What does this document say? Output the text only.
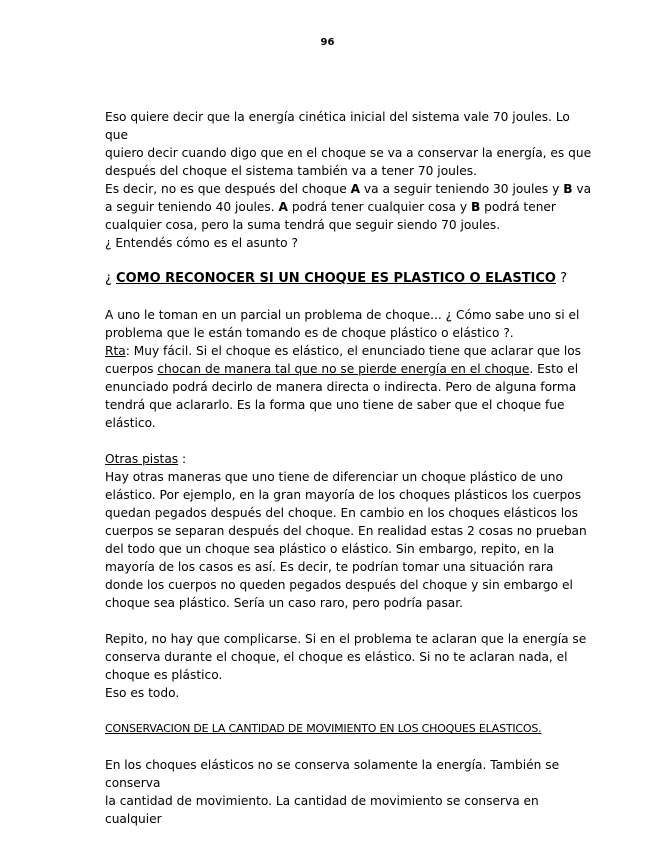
96

Eso quiere decir que la energía cinética inicial del sistema vale 70 joules. Lo que
quiero decir cuando digo que en el choque se va a conservar la energía, es que
después del choque el sistema también va a tener 70 joules.

Es decir, no es que después del choque A va a seguir teniendo 30 joules y B va a seguir teniendo 40 joules. A podrá tener cualquier cosa y B podrá tener cualquier cosa, pero la suma tendrá que seguir siendo 70 joules.

¿ Entendés cómo es el asunto ?

¿ COMO RECONOCER SI UN CHOQUE ES PLASTICO O ELASTICO ?

A uno le toman en un parcial un problema de choque... ¿ Cómo sabe uno si el
problema que le están tomando es de choque plástico o elástico ?.
Rta: Muy fácil. Si el choque es elástico, el enunciado tiene que aclarar que los cuerpos chocan de manera tal que no se pierde energía en el choque. Esto el enunciado podrá decirlo de manera directa o indirecta. Pero de alguna forma tendrá que aclararlo. Es la forma que uno tiene de saber que el choque fue elástico.

Otras pistas :
Hay otras maneras que uno tiene de diferenciar un choque plástico de uno elástico. Por ejemplo, en la gran mayoría de los choques plásticos los cuerpos quedan pegados después del choque. En cambio en los choques elásticos los cuerpos se separan después del choque. En realidad estas 2 cosas no prueban del todo que un choque sea plástico o elástico. Sin embargo, repito, en la mayoría de los casos es así. Es decir, te podrían tomar una situación rara donde los cuerpos no queden pegados después del choque y sin embargo el choque sea plástico. Sería un caso raro, pero podría pasar.

Repito, no hay que complicarse. Si en el problema te aclaran que la energía se conserva durante el choque, el choque es elástico. Si no te aclaran nada, el choque es plástico.

Eso es todo.

CONSERVACION DE LA CANTIDAD DE MOVIMIENTO EN LOS CHOQUES ELASTICOS.

En los choques elásticos no se conserva solamente la energía. También se conserva
la cantidad de movimiento. La cantidad de movimiento se conserva en cualquier
